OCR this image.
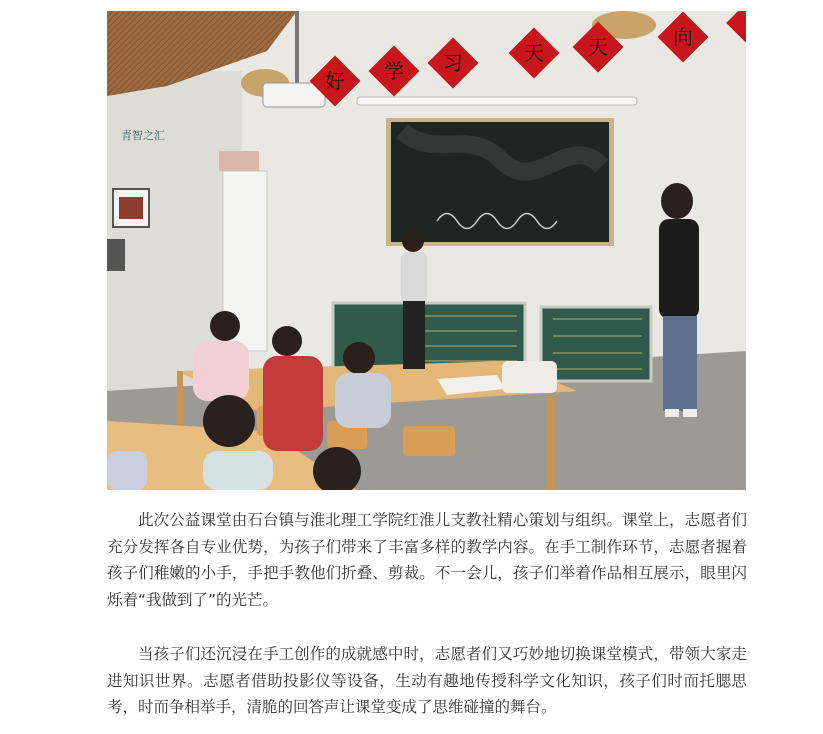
好 学 习	天 天	向
青智之汇

此次公益课堂由石台镇与淮北理工学院红淮儿支教社精心策划与组织。课堂上，志愿者们充分发挥各自专业优势，为孩子们带来了丰富多样的教学内容。在手工制作环节，志愿者握着孩子们稚嫩的小手，手把手教他们折叠、剪裁。不一会儿，孩子们举着作品相互展示，眼里闪烁着“我做到了”的光芒。

当孩子们还沉浸在手工创作的成就感中时，志愿者们又巧妙地切换课堂模式，带领大家走进知识世界。志愿者借助投影仪等设备，生动有趣地传授科学文化知识，孩子们时而托腮思考，时而争相举手，清脆的回答声让课堂变成了思维碰撞的舞台。
